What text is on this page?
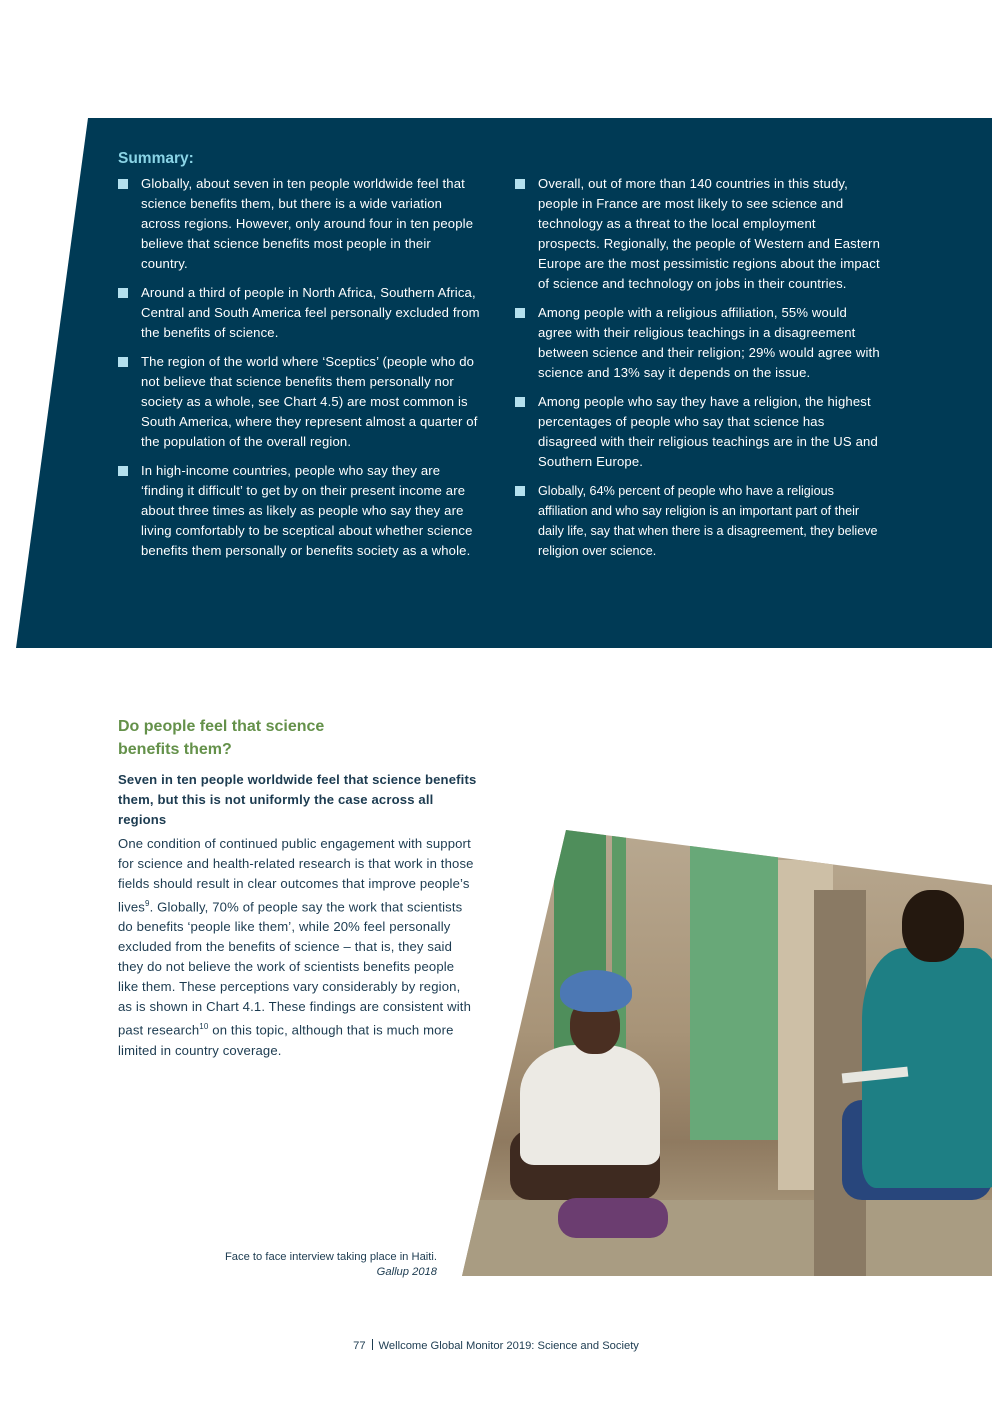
Summary:

Globally, about seven in ten people worldwide feel that science benefits them, but there is a wide variation across regions. However, only around four in ten people believe that science benefits most people in their country.

Around a third of people in North Africa, Southern Africa, Central and South America feel personally excluded from the benefits of science.

The region of the world where ‘Sceptics’ (people who do not believe that science benefits them personally nor society as a whole, see Chart 4.5) are most common is South America, where they represent almost a quarter of the population of the overall region.

In high-income countries, people who say they are ‘finding it difficult’ to get by on their present income are about three times as likely as people who say they are living comfortably to be sceptical about whether science benefits them personally or benefits society as a whole.

Overall, out of more than 140 countries in this study, people in France are most likely to see science and technology as a threat to the local employment prospects. Regionally, the people of Western and Eastern Europe are the most pessimistic regions about the impact of science and technology on jobs in their countries.

Among people with a religious affiliation, 55% would agree with their religious teachings in a disagreement between science and their religion; 29% would agree with science and 13% say it depends on the issue.

Among people who say they have a religion, the highest percentages of people who say that science has disagreed with their religious teachings are in the US and Southern Europe.

Globally, 64% percent of people who have a religious affiliation and who say religion is an important part of their daily life, say that when there is a disagreement, they believe religion over science.

Do people feel that science
benefits them?

Seven in ten people worldwide feel that science benefits them, but this is not uniformly the case across all regions

One condition of continued public engagement with support for science and health-related research is that work in those fields should result in clear outcomes that improve people’s lives$^9$. Globally, 70% of people say the work that scientists do benefits ‘people like them’, while 20% feel personally excluded from the benefits of science – that is, they said they do not believe the work of scientists benefits people like them. These perceptions vary considerably by region, as is shown in Chart 4.1. These findings are consistent with past research$^{10}$ on this topic, although that is much more limited in country coverage.

Face to face interview taking place in Haiti.
Gallup 2018

77 Wellcome Global Monitor 2019: Science and Society
